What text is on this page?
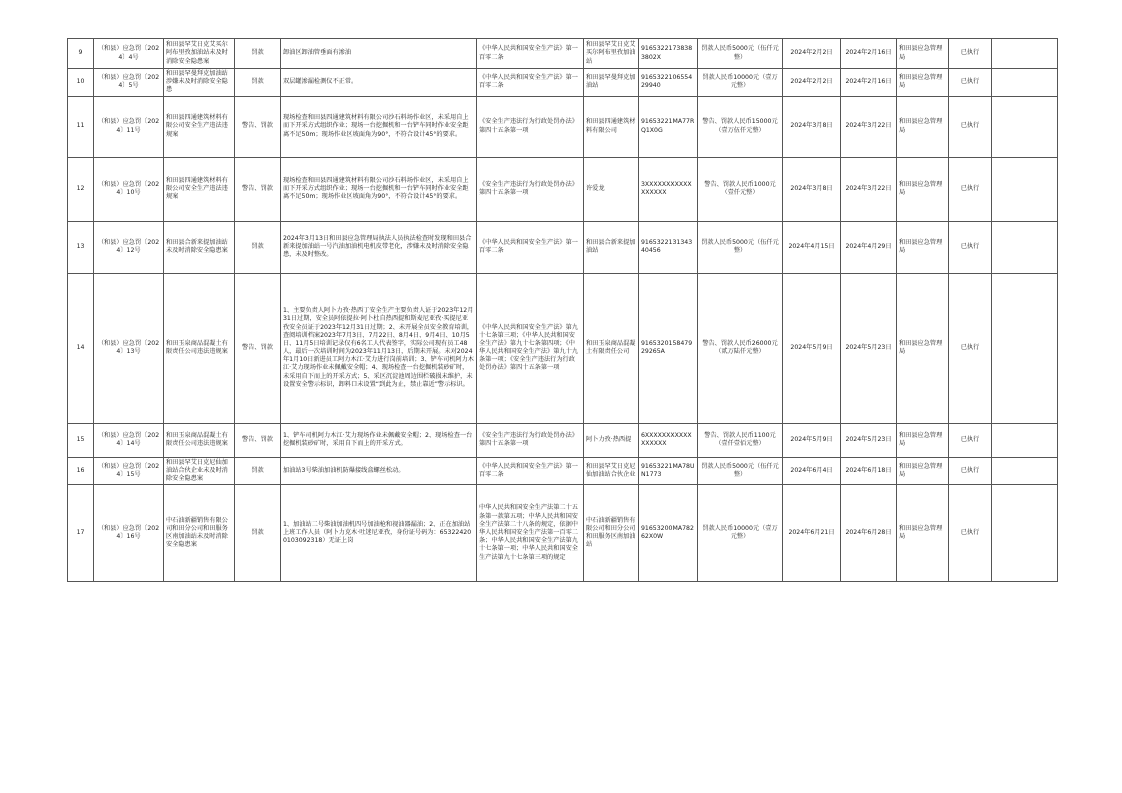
9	（和县）应急罚〔2024〕4号	和田县罕艾日克艾买尔阿布里孜加油站未及时消除安全隐患案	罚款	卸油区卸油管垂面有渗油	《中华人民共和国安全生产法》第一百零二条	和田县罕艾日克艾买尔阿布里孜加油站	91653221738383802X	罚款人民币5000元（伍仟元整）	2024年2月2日	2024年2月16日	和田县应急管理局	已执行	
10	（和县）应急罚〔2024〕5号	和田县罕曼拜克加油站涉嫌未及时消除安全隐患	罚款	双层罐渗漏检测仪不正常。	《中华人民共和国安全生产法》第一百零二条	和田县罕曼拜克加油站	916532210655429940	罚款人民币10000元（壹万元整）	2024年2月2日	2024年2月16日	和田县应急管理局	已执行	
11	（和县）应急罚〔2024〕11号	和田县四通建筑材料有限公司安全生产违法违规案	警告、罚款	现场检查和田县四通建筑材料有限公司沙石料场作业区，未采用自上而下开采方式组织作业；现场一台挖掘机和一台铲车同时作业安全距离不足50m；现场作业区坡面角为90°，不符合设计45°的要求。	《安全生产违法行为行政处罚办法》第四十五条第一项	和田县四通建筑材料有限公司	91653221MA77RQ1X0G	警告、罚款人民币15000元（壹万伍仟元整）	2024年3月8日	2024年3月22日	和田县应急管理局	已执行	
12	（和县）应急罚〔2024〕10号	和田县四通建筑材料有限公司安全生产违法违规案	警告、罚款	现场检查和田县四通建筑材料有限公司沙石料场作业区，未采用自上而下开采方式组织作业；现场一台挖掘机和一台铲车同时作业安全距离不足50m；现场作业区坡面角为90°，不符合设计45°的要求。	《安全生产违法行为行政处罚办法》第四十五条第一项	许爱龙	3XXXXXXXXXXXXXXXXX	警告、罚款人民币1000元（壹仟元整）	2024年3月8日	2024年3月22日	和田县应急管理局	已执行	
13	（和县）应急罚〔2024〕12号	和田县合新来提加油站未及时消除安全隐患案	罚款	2024年3月13日和田县应急管理局执法人员执法检查时发现和田县合新来提加油站一号汽油加油机电机皮带老化，涉嫌未及时消除安全隐患，未及时整改。	《中华人民共和国安全生产法》第一百零二条	和田县合新来提加油站	916532213134340456	罚款人民币5000元（伍仟元整）	2024年4月15日	2024年4月29日	和田县应急管理局	已执行	
14	（和县）应急罚〔2024〕13号	和田玉泉商品混凝土有限责任公司违法违规案	警告、罚款	1、主要负责人阿卜力孜·热西丁安全生产主要负责人证于2023年12月31日过期，安全员阿依提拉·阿卜杜自热西提和斯麦尼亚孜·买提尼亚孜安全员证于2023年12月31日过期；2、未开展全员安全教育培训，查阅培训档案2023年7月3日、7月22日、8月4日、9月4日、10月5日、11月5日培训记录仅有6名工人代表签字，实际公司现有员工48人，最后一次培训时间为2023年11月13日，后期未开展。未对2024年1月10日新进员工阿力木江·艾力进行岗前培训；3、铲车司机阿力木江·艾力现场作业未佩戴安全帽；4、现场检查一台挖掘机装砂矿时，未采用自下而上的开采方式；5、采区沉淀池周边围栏破损未维护，未设置安全警示标识，卸料口未设置“到此为止，禁止靠近”警示标识。	《中华人民共和国安全生产法》第九十七条第三项；《中华人民共和国安全生产法》第九十七条第四项；《中华人民共和国安全生产法》第九十九条第一项；《安全生产违法行为行政处罚办法》第四十五条第一项	和田玉泉商品混凝土有限责任公司	916532015847929265A	警告、罚款人民币26000元（贰万陆仟元整）	2024年5月9日	2024年5月23日	和田县应急管理局	已执行	
15	（和县）应急罚〔2024〕14号	和田玉泉商品混凝土有限责任公司违法违规案	警告、罚款	1、铲车司机阿力木江·艾力现场作业未佩戴安全帽；2、现场检查一台挖掘机装砂矿时，采用自下而上的开采方式。	《安全生产违法行为行政处罚办法》第四十五条第一项	阿卜力孜·热西提	6XXXXXXXXXXXXXXXXX	警告、罚款人民币1100元（壹仟壹佰元整）	2024年5月9日	2024年5月23日	和田县应急管理局	已执行	
16	（和县）应急罚〔2024〕15号	和田县罕艾日克尼仙加油站合伙企业未及时消除安全隐患案	罚款	加油站3号柴油加油机防爆接线盒螺丝松动。	《中华人民共和国安全生产法》第一百零二条	和田县罕艾日克尼仙加油站合伙企业	91653221MA78UN1773	罚款人民币5000元（伍仟元整）	2024年6月4日	2024年6月18日	和田县应急管理局	已执行	
17	（和县）应急罚〔2024〕16号	中石油新疆销售有限公司和田分公司和田服务区南加油站未及时消除安全隐患案	罚款	1、加油站二号柴油加油机四号加油枪和视油器漏油；2、正在加油站上班工作人员（阿卜力克木·吐迷尼亚孜，身份证号码为：653224200103092318）无证上岗	中华人民共和国安全生产法第二十五条第一款第五项；中华人民共和国安全生产法第二十八条的规定，依据中华人民共和国安全生产法第一百零二条；中华人民共和国安全生产法第九十七条第一项；中华人民共和国安全生产法第九十七条第三项的规定	中石油新疆销售有限公司和田分公司和田服务区南加油站	91653200MA78262X0W	罚款人民币10000元（壹万元整）	2024年6月21日	2024年6月28日	和田县应急管理局	已执行	
